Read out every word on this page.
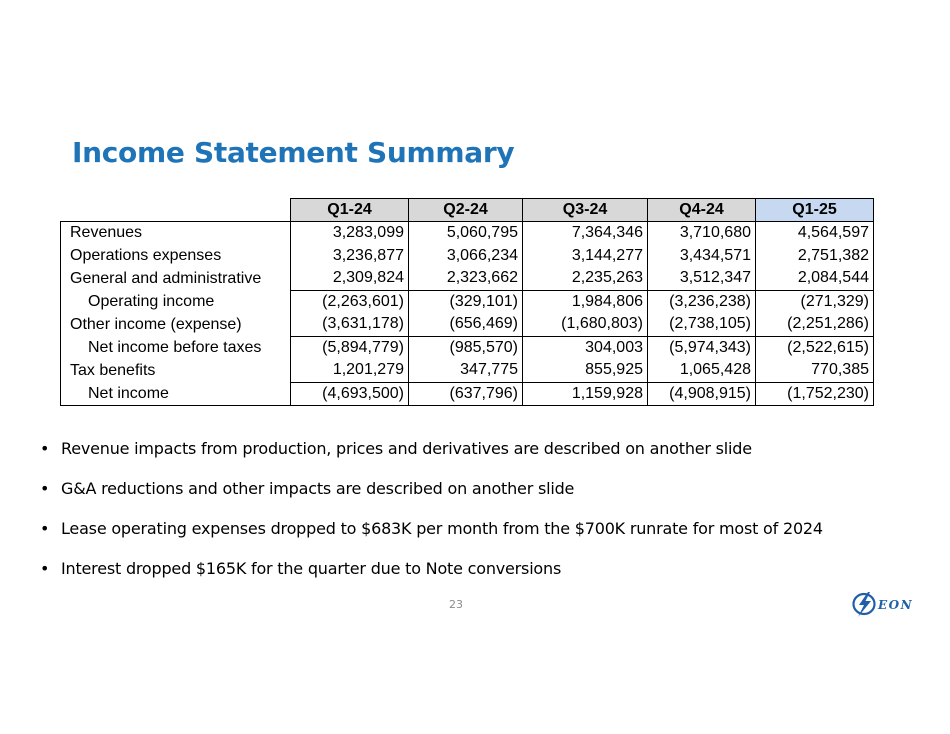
Income Statement Summary
	Q1-24	Q2-24	Q3-24	Q4-24	Q1-25
Revenues	3,283,099	5,060,795	7,364,346	3,710,680	4,564,597
Operations expenses	3,236,877	3,066,234	3,144,277	3,434,571	2,751,382
General and administrative	2,309,824	2,323,662	2,235,263	3,512,347	2,084,544
Operating income	(2,263,601)	(329,101)	1,984,806	(3,236,238)	(271,329)
Other income (expense)	(3,631,178)	(656,469)	(1,680,803)	(2,738,105)	(2,251,286)
Net income before taxes	(5,894,779)	(985,570)	304,003	(5,974,343)	(2,522,615)
Tax benefits	1,201,279	347,775	855,925	1,065,428	770,385
Net income	(4,693,500)	(637,796)	1,159,928	(4,908,915)	(1,752,230)
• Revenue impacts from production, prices and derivatives are described on another slide
• G&A reductions and other impacts are described on another slide
• Lease operating expenses dropped to $683K per month from the $700K runrate for most of 2024
• Interest dropped $165K for the quarter due to Note conversions
23	EON
